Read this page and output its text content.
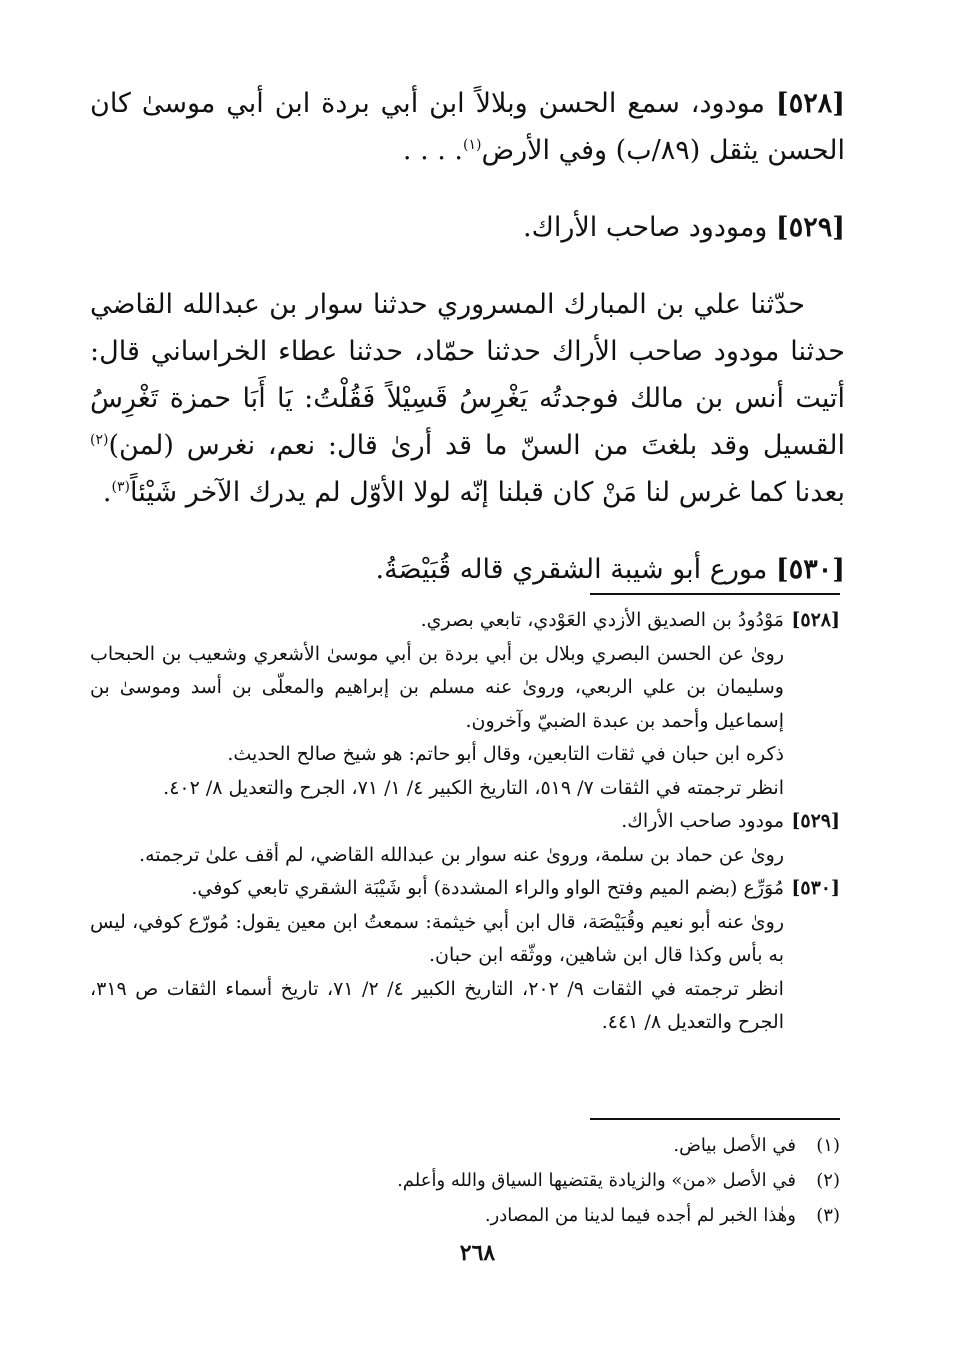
[٥٢٨] مودود، سمع الحسن وبلالاً ابن أبي بردة ابن أبي موسىٰ كان الحسن يثقل (٨٩/ب) وفي الأرض$^{(١)}$. . . .

[٥٢٩] ومودود صاحب الأراك.

حدّثنا علي بن المبارك المسروري حدثنا سوار بن عبدالله القاضي حدثنا مودود صاحب الأراك حدثنا حمّاد، حدثنا عطاء الخراساني قال: أتيت أنس بن مالك فوجدتُه يَغْرِسُ قَسِيْلاً فَقُلْتُ: يَا أَبَا حمزة تَغْرِسُ القسيل وقد بلغتَ من السنّ ما قد أرىٰ قال: نعم، نغرس (لمن)$^{(٢)}$ بعدنا كما غرس لنا مَنْ كان قبلنا إنّه لولا الأوّل لم يدرك الآخر شَيْئاً$^{(٣)}$.

[٥٣٠] مورع أبو شيبة الشقري قاله قُبَيْصَةُ.

[٥٢٨]
مَوْدُودُ بن الصديق الأزدي العَوْدي، تابعي بصري.
روىٰ عن الحسن البصري وبلال بن أبي بردة بن أبي موسىٰ الأشعري وشعيب بن الحبحاب وسليمان بن علي الربعي، وروىٰ عنه مسلم بن إبراهيم والمعلّى بن أسد وموسىٰ بن إسماعيل وأحمد بن عبدة الضبيّ وآخرون.
ذكره ابن حبان في ثقات التابعين، وقال أبو حاتم: هو شيخ صالح الحديث.
انظر ترجمته في الثقات ٧/ ٥١٩، التاريخ الكبير ٤/ ١/ ٧١، الجرح والتعديل ٨/ ٤٠٢.
[٥٢٩]
مودود صاحب الأراك.
روىٰ عن حماد بن سلمة، وروىٰ عنه سوار بن عبدالله القاضي، لم أقف علىٰ ترجمته.
[٥٣٠]
مُوَرِّع (بضم الميم وفتح الواو والراء المشددة) أبو شَيْبَة الشقري تابعي كوفي.
روىٰ عنه أبو نعيم وقُبَيْصَة، قال ابن أبي خيثمة: سمعتُ ابن معين يقول: مُورّع كوفي، ليس به بأس وكذا قال ابن شاهين، ووثّقه ابن حبان.
انظر ترجمته في الثقات ٩/ ٢٠٢، التاريخ الكبير ٤/ ٢/ ٧١، تاريخ أسماء الثقات ص ٣١٩، الجرح والتعديل ٨/ ٤٤١.
(١)
في الأصل بياض.
(٢)
في الأصل «من» والزيادة يقتضيها السياق والله وأعلم.
(٣)
وهٰذا الخبر لم أجده فيما لدينا من المصادر.
٢٦٨
